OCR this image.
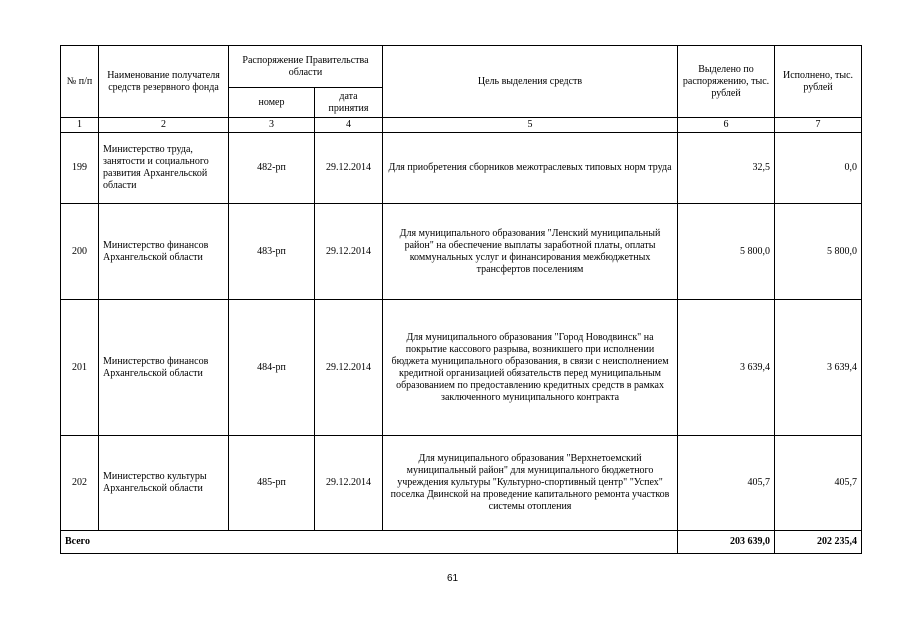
№ п/п	Наименование получателя средств резервного фонда	Распоряжение Правительства области		Цель выделения средств	Выделено по распоряжению, тыс. рублей	Исполнено, тыс. рублей
		номер	дата принятия			
1	2	3	4	5	6	7
199	Министерство труда, занятости и социального развития Архангельской области	482-рп	29.12.2014	Для приобретения сборников межотраслевых типовых норм труда	32,5	0,0
200	Министерство финансов Архангельской области	483-рп	29.12.2014	Для муниципального образования "Ленский муниципальный район" на обеспечение выплаты заработной платы, оплаты коммунальных услуг и финансирования межбюджетных трансфертов поселениям	5 800,0	5 800,0
201	Министерство финансов Архангельской области	484-рп	29.12.2014	Для муниципального образования "Город Новодвинск" на покрытие кассового разрыва, возникшего при исполнении бюджета муниципального образования, в связи с неисполнением кредитной организацией обязательств перед муниципальным образованием по предоставлению кредитных средств в рамках заключенного муниципального контракта	3 639,4	3 639,4
202	Министерство культуры Архангельской области	485-рп	29.12.2014	Для муниципального образования "Верхнетоемский муниципальный район" для муниципального бюджетного учреждения культуры "Культурно-спортивный центр" "Успех" поселка Двинской на проведение капитального ремонта участков системы отопления	405,7	405,7
Всего					203 639,0	202 235,4
61
